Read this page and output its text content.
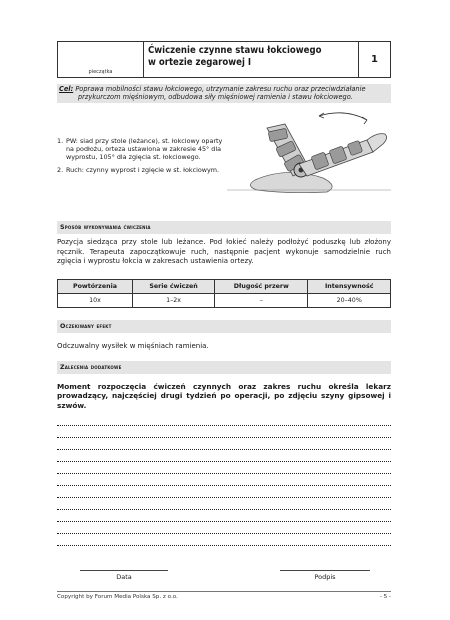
pieczątka
Ćwiczenie czynne stawu łokciowego
w ortezie zegarowej I	1
Cel: Poprawa mobilności stawu łokciowego, utrzymanie zakresu ruchu oraz przeciwdziałanie
przykurczom mięśniowym, odbudowa siły mięśniowej ramienia i stawu łokciowego.
1. PW: siad przy stole (leżance), st. łokciowy oparty na podłożu, orteza ustawiona w zakresie 45° dla wyprostu, 105° dla zgięcia st. łokciowego.
2. Ruch: czynny wyprost i zgięcie w st. łokciowym.
Sposób wykonywania ćwiczenia
Pozycja siedząca przy stole lub leżance. Pod łokieć należy podłożyć poduszkę lub złożony ręcznik. Terapeuta zapoczątkowuje ruch, następnie pacjent wykonuje samodzielnie ruch zgięcia i wyprostu łokcia w zakresach ustawienia ortezy.
Powtórzenia	Serie ćwiczeń	Długość przerw	Intensywność
10x	1–2x	–	20–40%
Oczekiwany efekt
Odczuwalny wysiłek w mięśniach ramienia.
Zalecenia dodatkowe
Moment rozpoczęcia ćwiczeń czynnych oraz zakres ruchu określa lekarz prowadzący, najczęściej drugi tydzień po operacji, po zdjęciu szyny gipsowej i szwów.
Data	Podpis
Copyright by Forum Media Polska Sp. z o.o.	- 5 -
